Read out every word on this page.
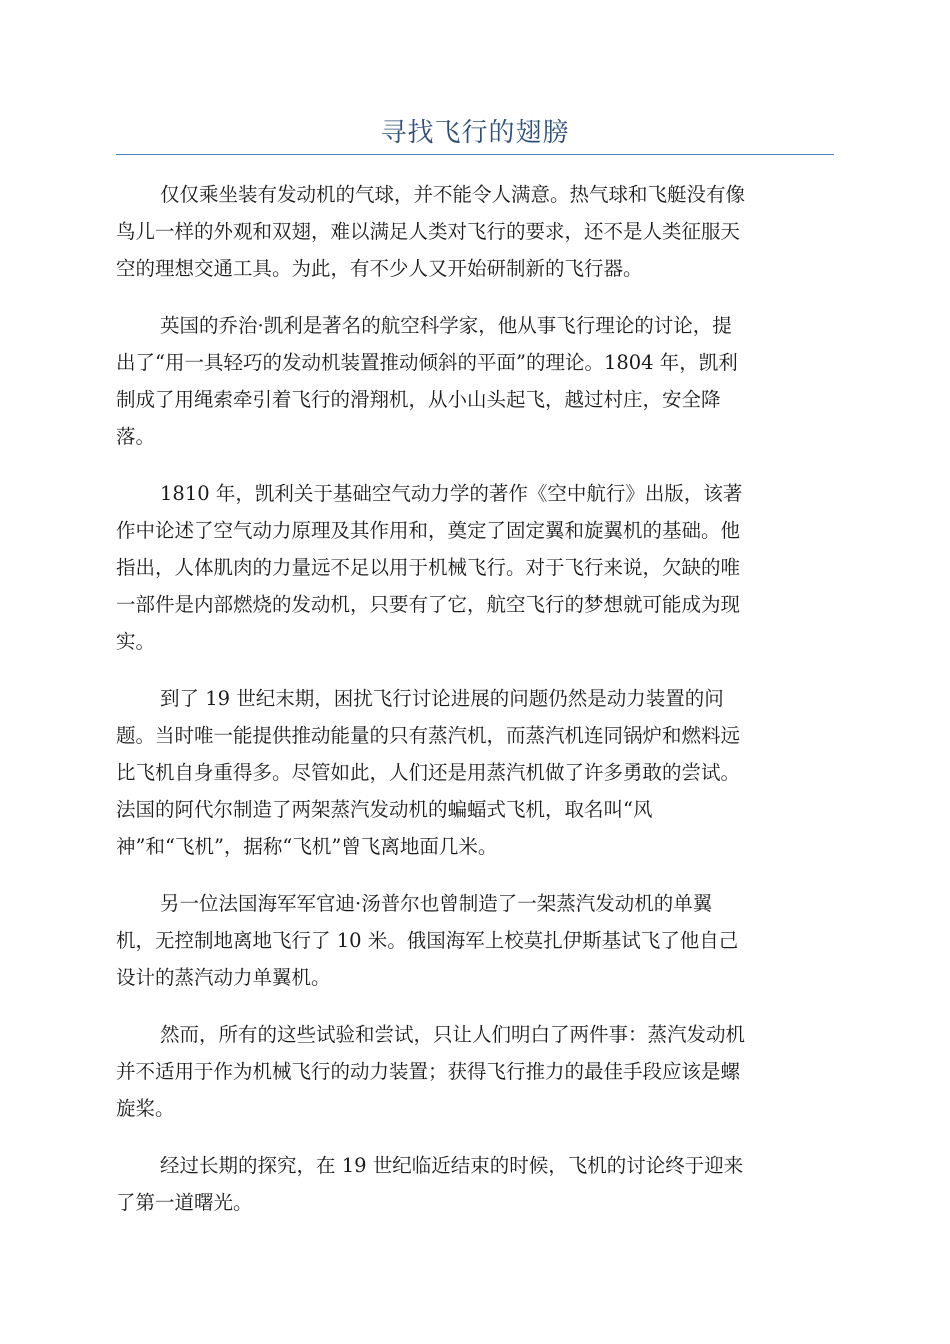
寻找飞行的翅膀
仅仅乘坐装有发动机的气球，并不能令人满意。热气球和飞艇没有像
鸟儿一样的外观和双翅，难以满足人类对飞行的要求，还不是人类征服天
空的理想交通工具。为此，有不少人又开始研制新的飞行器。
英国的乔治·凯利是著名的航空科学家，他从事飞行理论的讨论，提
出了“用一具轻巧的发动机装置推动倾斜的平面”的理论。1804 年，凯利
制成了用绳索牵引着飞行的滑翔机，从小山头起飞，越过村庄，安全降
落。
1810 年，凯利关于基础空气动力学的著作《空中航行》出版，该著
作中论述了空气动力原理及其作用和，奠定了固定翼和旋翼机的基础。他
指出，人体肌肉的力量远不足以用于机械飞行。对于飞行来说，欠缺的唯
一部件是内部燃烧的发动机，只要有了它，航空飞行的梦想就可能成为现
实。
到了 19 世纪末期，困扰飞行讨论进展的问题仍然是动力装置的问
题。当时唯一能提供推动能量的只有蒸汽机，而蒸汽机连同锅炉和燃料远
比飞机自身重得多。尽管如此，人们还是用蒸汽机做了许多勇敢的尝试。
法国的阿代尔制造了两架蒸汽发动机的蝙蝠式飞机，取名叫“风
神”和“飞机”，据称“飞机”曾飞离地面几米。
另一位法国海军军官迪·汤普尔也曾制造了一架蒸汽发动机的单翼
机，无控制地离地飞行了 10 米。俄国海军上校莫扎伊斯基试飞了他自己
设计的蒸汽动力单翼机。
然而，所有的这些试验和尝试，只让人们明白了两件事：蒸汽发动机
并不适用于作为机械飞行的动力装置；获得飞行推力的最佳手段应该是螺
旋桨。
经过长期的探究，在 19 世纪临近结束的时候，飞机的讨论终于迎来
了第一道曙光。
